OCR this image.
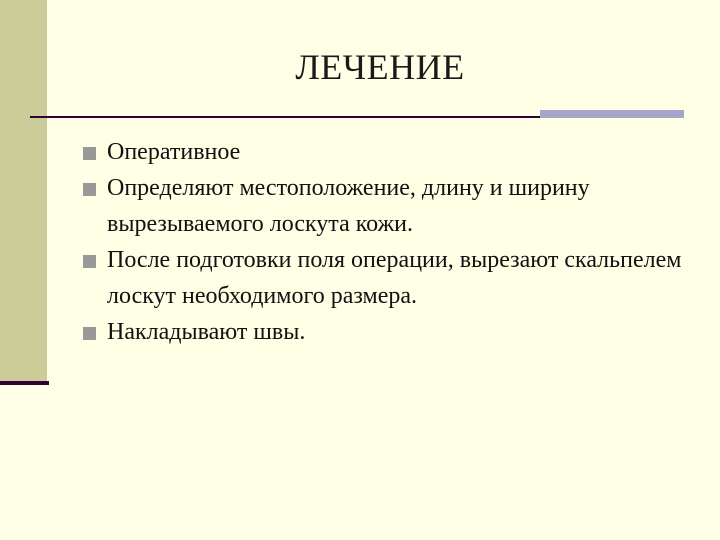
ЛЕЧЕНИЕ
Оперативное
Определяют местоположение, длину и ширину вырезываемого лоскута кожи.
После подготовки поля операции, вырезают скальпелем лоскут необходимого размера.
Накладывают швы.
